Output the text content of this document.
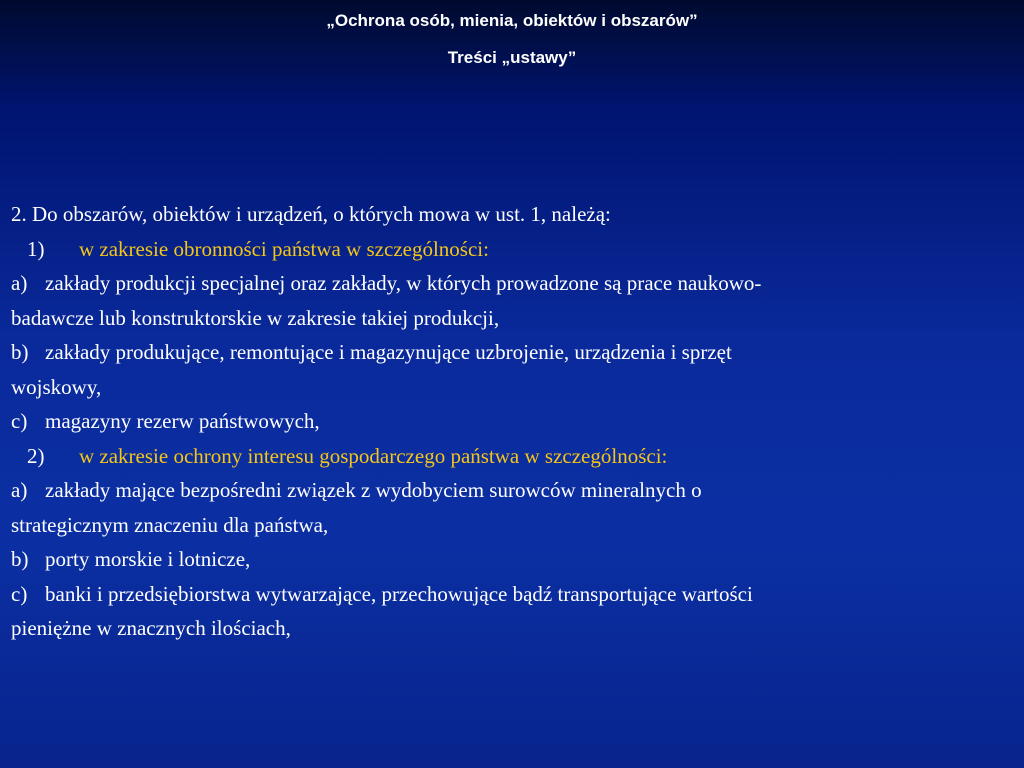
„Ochrona osób, mienia, obiektów i obszarów”
Treści „ustawy”
2. Do obszarów, obiektów i urządzeń, o których mowa w ust. 1, należą:
1) w zakresie obronności państwa w szczególności:
a) zakłady produkcji specjalnej oraz zakłady, w których prowadzone są prace naukowo-
badawcze lub konstruktorskie w zakresie takiej produkcji,
b) zakłady produkujące, remontujące i magazynujące uzbrojenie, urządzenia i sprzęt
wojskowy,
c) magazyny rezerw państwowych,
2) w zakresie ochrony interesu gospodarczego państwa w szczególności:
a) zakłady mające bezpośredni związek z wydobyciem surowców mineralnych o
strategicznym znaczeniu dla państwa,
b) porty morskie i lotnicze,
c) banki i przedsiębiorstwa wytwarzające, przechowujące bądź transportujące wartości
pieniężne w znacznych ilościach,
